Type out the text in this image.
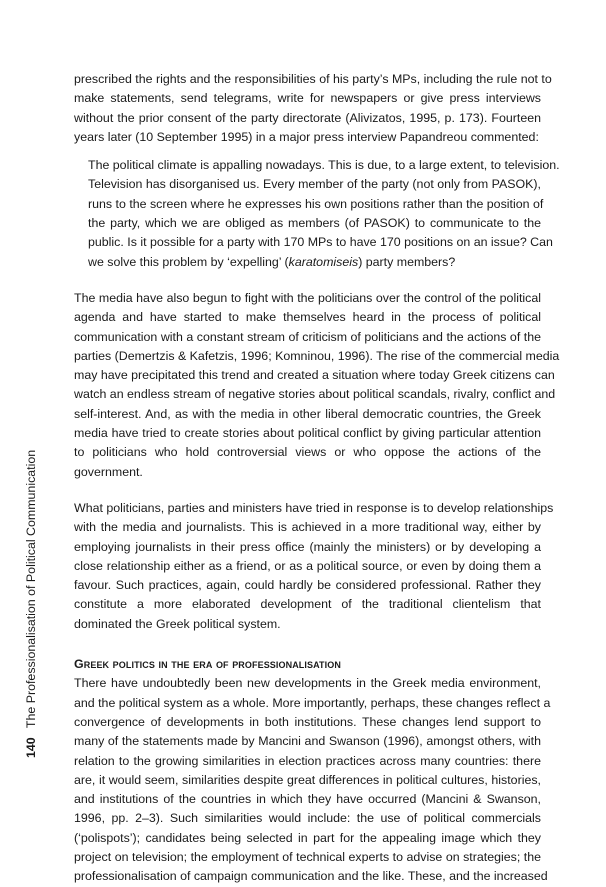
140 The Professionalisation of Political Communication
prescribed the rights and the responsibilities of his party’s MPs, including the rule not to
make statements, send telegrams, write for newspapers or give press interviews
without the prior consent of the party directorate (Alivizatos, 1995, p. 173). Fourteen
years later (10 September 1995) in a major press interview Papandreou commented:
The political climate is appalling nowadays. This is due, to a large extent, to television.
Television has disorganised us. Every member of the party (not only from PASOK),
runs to the screen where he expresses his own positions rather than the position of
the party, which we are obliged as members (of PASOK) to communicate to the
public. Is it possible for a party with 170 MPs to have 170 positions on an issue? Can
we solve this problem by ‘expelling’ (karatomiseis) party members?
The media have also begun to fight with the politicians over the control of the political
agenda and have started to make themselves heard in the process of political
communication with a constant stream of criticism of politicians and the actions of the
parties (Demertzis & Kafetzis, 1996; Komninou, 1996). The rise of the commercial media
may have precipitated this trend and created a situation where today Greek citizens can
watch an endless stream of negative stories about political scandals, rivalry, conflict and
self-interest. And, as with the media in other liberal democratic countries, the Greek
media have tried to create stories about political conflict by giving particular attention
to politicians who hold controversial views or who oppose the actions of the
government.
What politicians, parties and ministers have tried in response is to develop relationships
with the media and journalists. This is achieved in a more traditional way, either by
employing journalists in their press office (mainly the ministers) or by developing a
close relationship either as a friend, or as a political source, or even by doing them a
favour. Such practices, again, could hardly be considered professional. Rather they
constitute a more elaborated development of the traditional clientelism that
dominated the Greek political system.
Greek politics in the era of professionalisation
There have undoubtedly been new developments in the Greek media environment,
and the political system as a whole. More importantly, perhaps, these changes reflect a
convergence of developments in both institutions. These changes lend support to
many of the statements made by Mancini and Swanson (1996), amongst others, with
relation to the growing similarities in election practices across many countries: there
are, it would seem, similarities despite great differences in political cultures, histories,
and institutions of the countries in which they have occurred (Mancini & Swanson,
1996, pp. 2–3). Such similarities would include: the use of political commercials
(‘polispots’); candidates being selected in part for the appealing image which they
project on television; the employment of technical experts to advise on strategies; the
professionalisation of campaign communication and the like. These, and the increased
